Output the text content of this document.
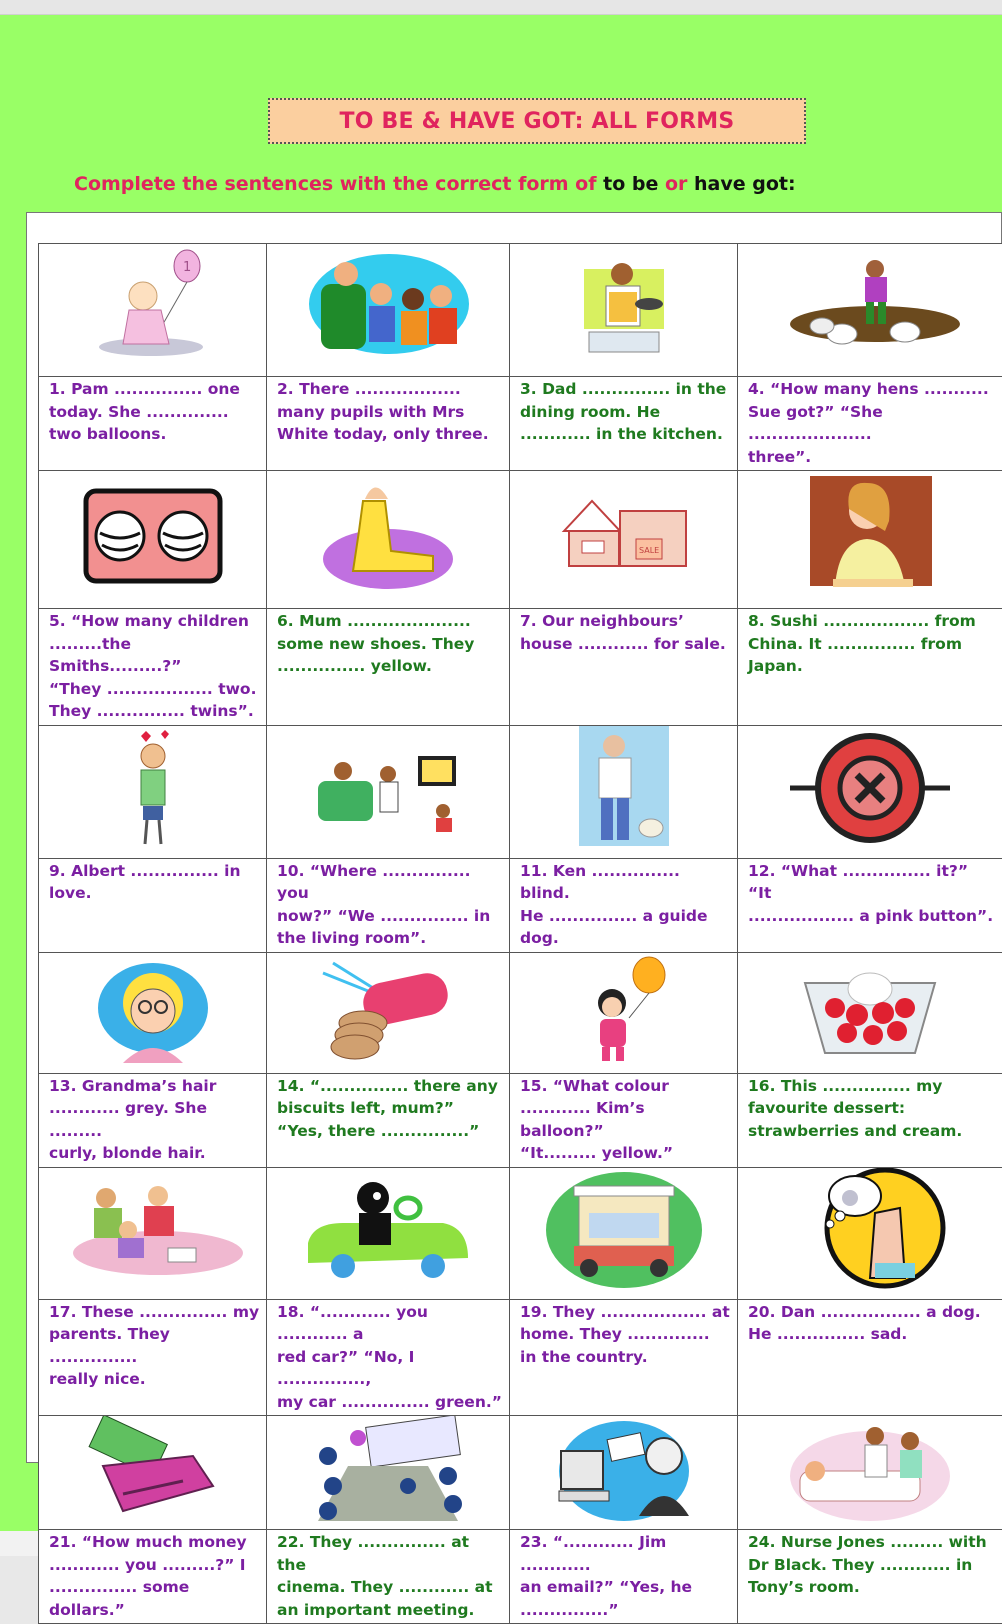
TO BE & HAVE GOT: ALL FORMS
Complete the sentences with the correct form of to be or have got:
1

1. Pam ............... one
today. She ..............
two balloons.	2. There ..................
many pupils with Mrs
White today, only three.	3. Dad ............... in the
dining room. He
............ in the kitchen.	4. “How many hens ...........
Sue got?” “She .....................
three”.

SALE

5. “How many children
.........the Smiths.........?”
“They .................. two.
They ............... twins”.	6. Mum .....................
some new shoes. They
............... yellow.	7. Our neighbours’
house ............ for sale.	8. Sushi .................. from
China. It ............... from
Japan.

9. Albert ............... in
love.	10. “Where ............... you
now?” “We ............... in
the living room”.	11. Ken ............... blind.
He ............... a guide
dog.	12. “What ............... it?” “It
.................. a pink button”.

13. Grandma’s hair
............ grey. She .........
curly, blonde hair.	14. “............... there any
biscuits left, mum?”
“Yes, there ...............”	15. “What colour
............ Kim’s balloon?”
“It......... yellow.”	16. This ............... my
favourite dessert:
strawberries and cream.

17. These ............... my
parents. They ...............
really nice.	18. “............ you ............ a
red car?” “No, I ...............,
my car ............... green.”	19. They .................. at
home. They ..............
in the country.	20. Dan ................. a dog.
He ............... sad.

21. “How much money
............ you .........?” I
............... some dollars.”	22. They ............... at the
cinema. They ............ at
an important meeting.	23. “............ Jim ............
an email?” “Yes, he
...............”	24. Nurse Jones ......... with
Dr Black. They ............ in
Tony’s room.
